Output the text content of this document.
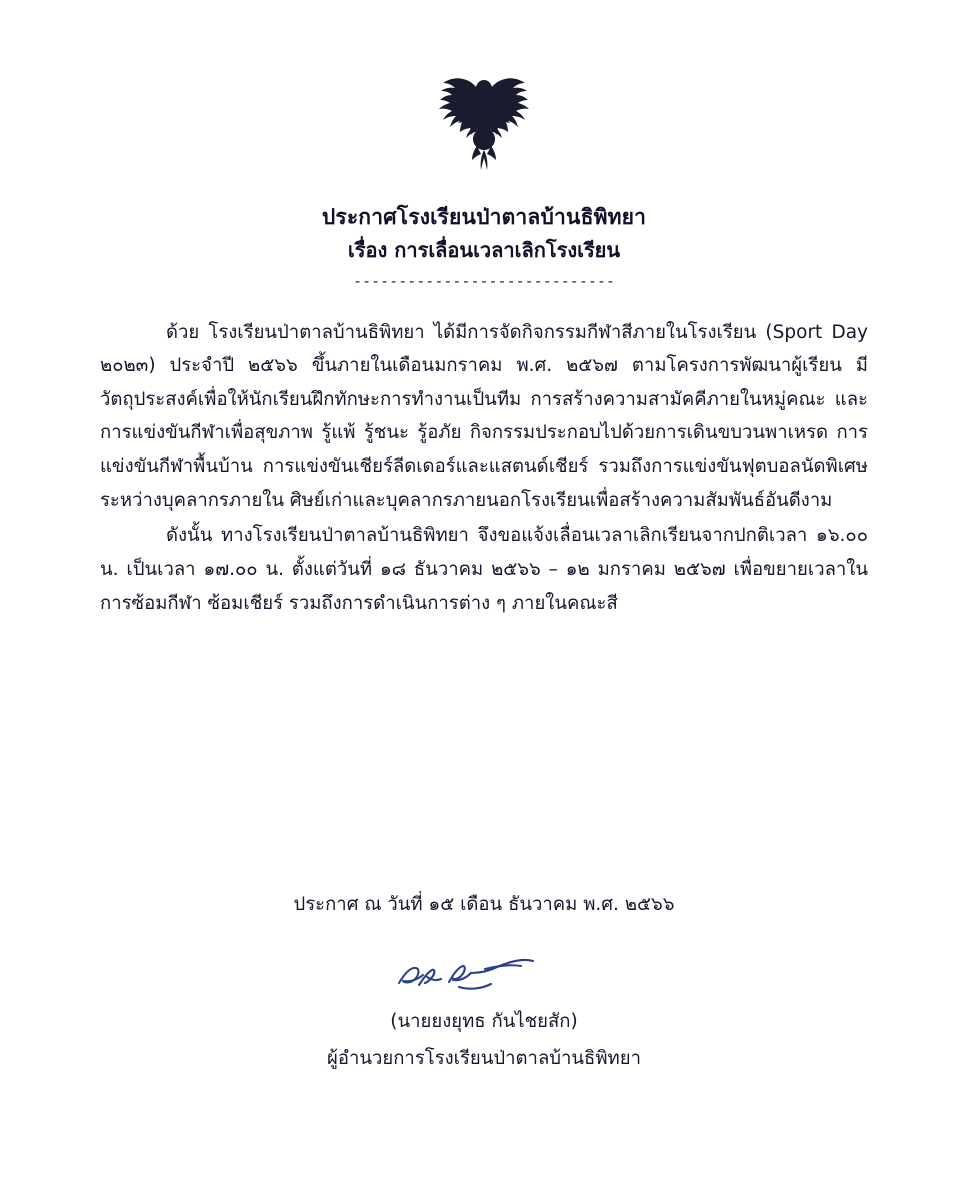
ประกาศโรงเรียนป่าตาลบ้านธิพิทยา
เรื่อง การเลื่อนเวลาเลิกโรงเรียน
-----------------------------

ด้วย โรงเรียนป่าตาลบ้านธิพิทยา ได้มีการจัดกิจกรรมกีฬาสีภายในโรงเรียน (Sport Day ๒๐๒๓) ประจำปี ๒๕๖๖ ขึ้นภายในเดือนมกราคม พ.ศ. ๒๕๖๗ ตามโครงการพัฒนาผู้เรียน มีวัตถุประสงค์เพื่อให้นักเรียนฝึกทักษะการทำงานเป็นทีม การสร้างความสามัคคีภายในหมู่คณะ และการแข่งขันกีฬาเพื่อสุขภาพ รู้แพ้ รู้ชนะ รู้อภัย กิจกรรมประกอบไปด้วยการเดินขบวนพาเหรด การแข่งขันกีฬาพื้นบ้าน การแข่งขันเชียร์ลีดเดอร์และแสตนด์เชียร์ รวมถึงการแข่งขันฟุตบอลนัดพิเศษระหว่างบุคลากรภายใน ศิษย์เก่าและบุคลากรภายนอกโรงเรียนเพื่อสร้างความสัมพันธ์อันดีงาม

ดังนั้น ทางโรงเรียนป่าตาลบ้านธิพิทยา จึงขอแจ้งเลื่อนเวลาเลิกเรียนจากปกติเวลา ๑๖.๐๐ น. เป็นเวลา ๑๗.๐๐ น. ตั้งแต่วันที่ ๑๘ ธันวาคม ๒๕๖๖ – ๑๒ มกราคม ๒๕๖๗ เพื่อขยายเวลาในการซ้อมกีฬา ซ้อมเชียร์ รวมถึงการดำเนินการต่าง ๆ ภายในคณะสี

ประกาศ ณ วันที่ ๑๕ เดือน ธันวาคม พ.ศ. ๒๕๖๖
(นายยงยุทธ กันไชยสัก)
ผู้อำนวยการโรงเรียนป่าตาลบ้านธิพิทยา
